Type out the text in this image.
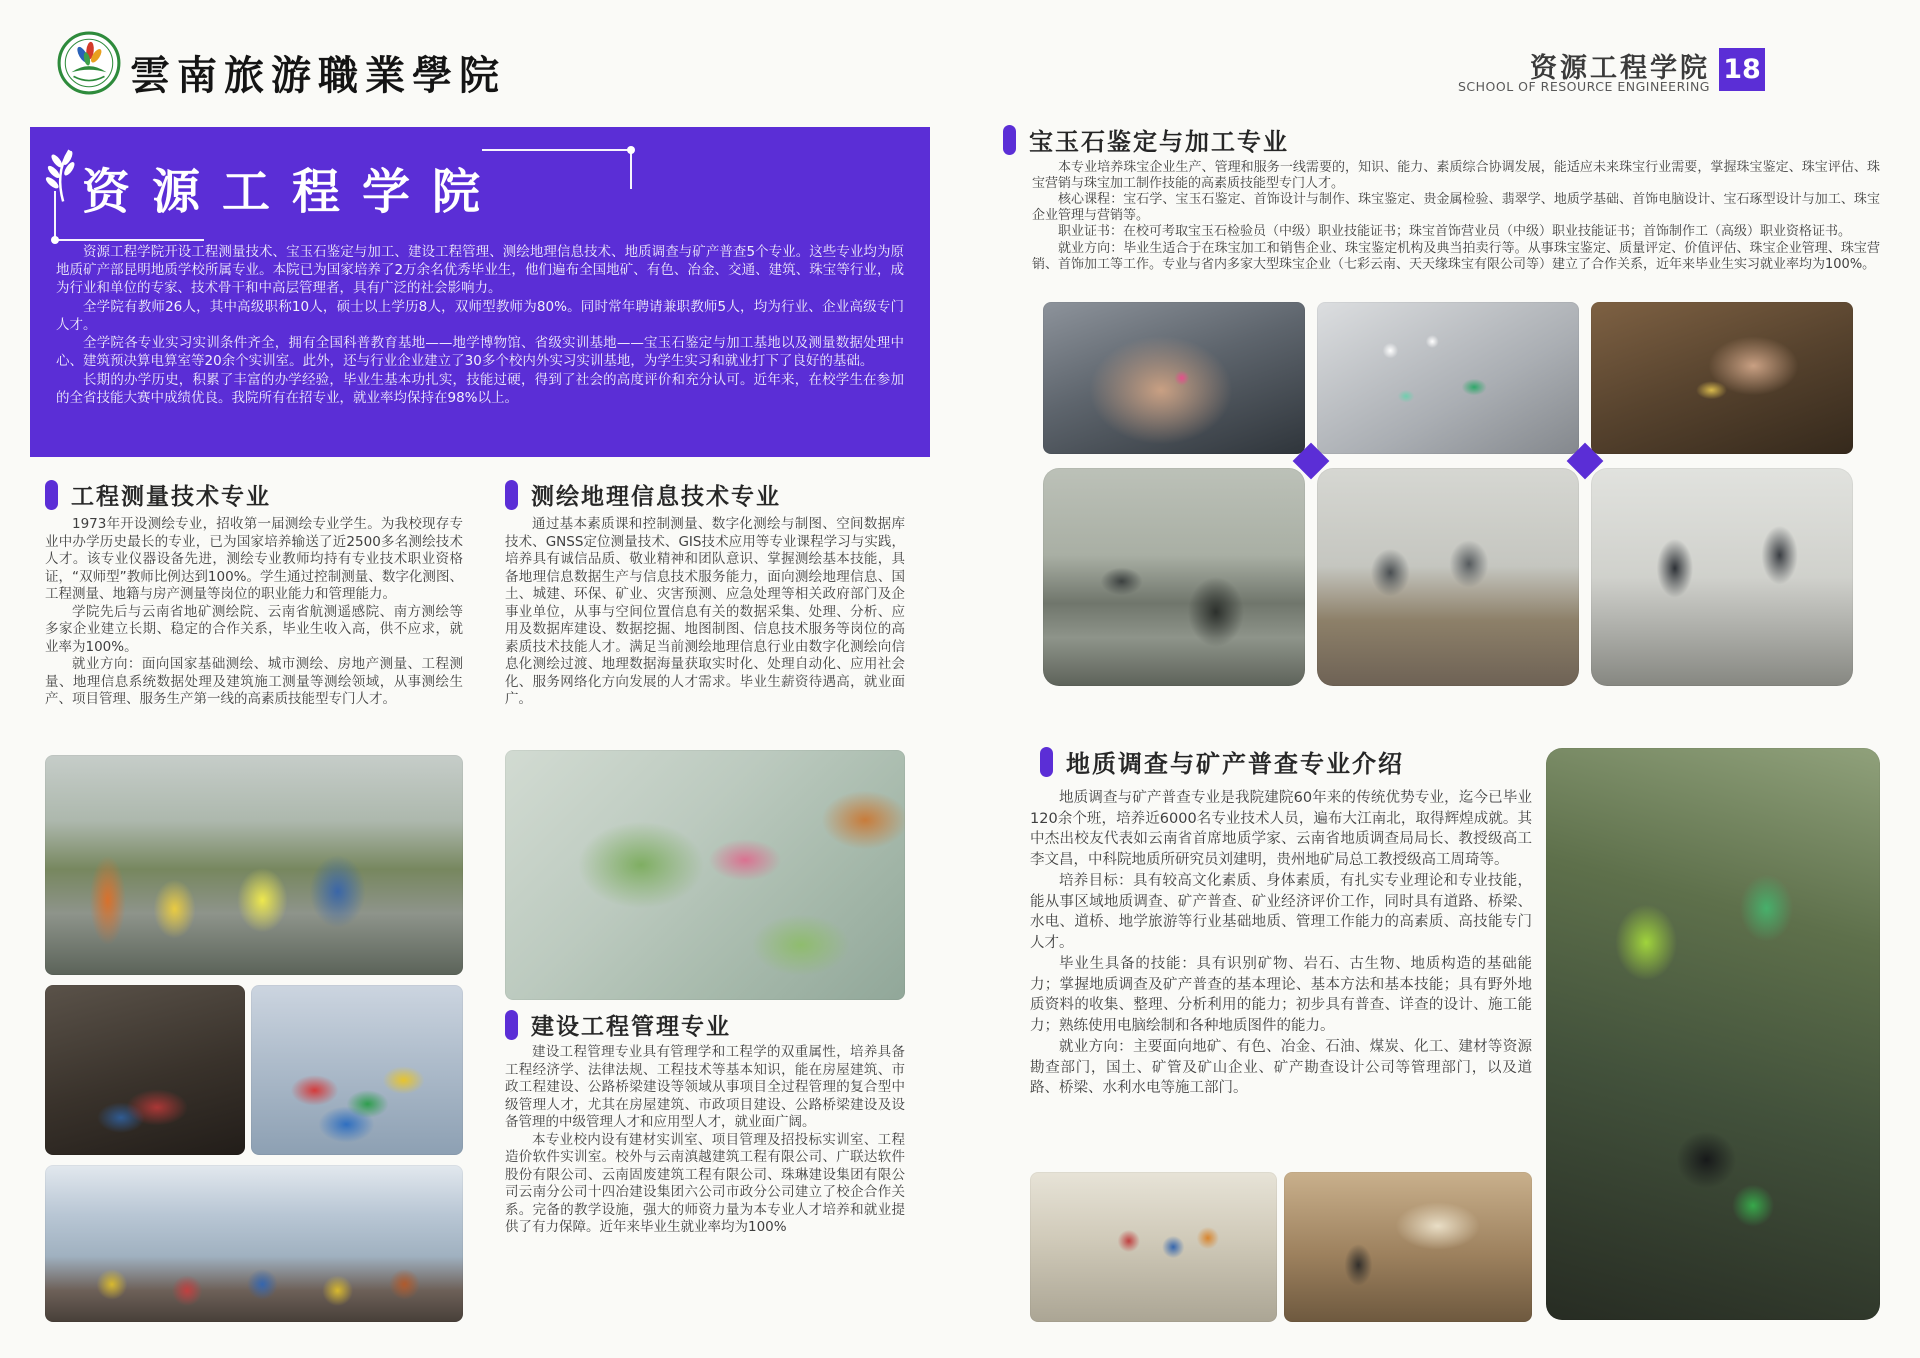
雲南旅游職業學院	资源工程学院
SCHOOL OF RESOURCE ENGINEERING
18
资源工程学院

资源工程学院开设工程测量技术、宝玉石鉴定与加工、建设工程管理、测绘地理信息技术、地质调查与矿产普查5个专业。这些专业均为原地质矿产部昆明地质学校所属专业。本院已为国家培养了2万余名优秀毕业生，他们遍布全国地矿、有色、冶金、交通、建筑、珠宝等行业，成为行业和单位的专家、技术骨干和中高层管理者，具有广泛的社会影响力。

全学院有教师26人，其中高级职称10人，硕士以上学历8人，双师型教师为80%。同时常年聘请兼职教师5人，均为行业、企业高级专门人才。

全学院各专业实习实训条件齐全，拥有全国科普教育基地——地学博物馆、省级实训基地——宝玉石鉴定与加工基地以及测量数据处理中心、建筑预决算电算室等20余个实训室。此外，还与行业企业建立了30多个校内外实习实训基地，为学生实习和就业打下了良好的基础。

长期的办学历史，积累了丰富的办学经验，毕业生基本功扎实，技能过硬，得到了社会的高度评价和充分认可。近年来，在校学生在参加的全省技能大赛中成绩优良。我院所有在招专业，就业率均保持在98%以上。

工程测量技术专业

1973年开设测绘专业，招收第一届测绘专业学生。为我校现存专业中办学历史最长的专业，已为国家培养输送了近2500多名测绘技术人才。该专业仪器设备先进，测绘专业教师均持有专业技术职业资格证，“双师型”教师比例达到100%。学生通过控制测量、数字化测图、工程测量、地籍与房产测量等岗位的职业能力和管理能力。

学院先后与云南省地矿测绘院、云南省航测遥感院、南方测绘等多家企业建立长期、稳定的合作关系，毕业生收入高，供不应求，就业率为100%。

就业方向：面向国家基础测绘、城市测绘、房地产测量、工程测量、地理信息系统数据处理及建筑施工测量等测绘领域，从事测绘生产、项目管理、服务生产第一线的高素质技能型专门人才。

测绘地理信息技术专业

通过基本素质课和控制测量、数字化测绘与制图、空间数据库技术、GNSS定位测量技术、GIS技术应用等专业课程学习与实践，培养具有诚信品质、敬业精神和团队意识、掌握测绘基本技能，具备地理信息数据生产与信息技术服务能力，面向测绘地理信息、国土、城建、环保、矿业、灾害预测、应急处理等相关政府部门及企事业单位，从事与空间位置信息有关的数据采集、处理、分析、应用及数据库建设、数据挖掘、地图制图、信息技术服务等岗位的高素质技术技能人才。满足当前测绘地理信息行业由数字化测绘向信息化测绘过渡、地理数据海量获取实时化、处理自动化、应用社会化、服务网络化方向发展的人才需求。毕业生薪资待遇高，就业面广。

建设工程管理专业

建设工程管理专业具有管理学和工程学的双重属性，培养具备工程经济学、法律法规、工程技术等基本知识，能在房屋建筑、市政工程建设、公路桥梁建设等领域从事项目全过程管理的复合型中级管理人才，尤其在房屋建筑、市政项目建设、公路桥梁建设及设备管理的中级管理人才和应用型人才，就业面广阔。

本专业校内设有建材实训室、项目管理及招投标实训室、工程造价软件实训室。校外与云南滇越建筑工程有限公司、广联达软件股份有限公司、云南固废建筑工程有限公司、珠琳建设集团有限公司云南分公司十四冶建设集团六公司市政分公司建立了校企合作关系。完备的教学设施，强大的师资力量为本专业人才培养和就业提供了有力保障。近年来毕业生就业率均为100%

宝玉石鉴定与加工专业

本专业培养珠宝企业生产、管理和服务一线需要的，知识、能力、素质综合协调发展，能适应未来珠宝行业需要，掌握珠宝鉴定、珠宝评估、珠宝营销与珠宝加工制作技能的高素质技能型专门人才。

核心课程：宝石学、宝玉石鉴定、首饰设计与制作、珠宝鉴定、贵金属检验、翡翠学、地质学基础、首饰电脑设计、宝石琢型设计与加工、珠宝企业管理与营销等。

职业证书：在校可考取宝玉石检验员（中级）职业技能证书；珠宝首饰营业员（中级）职业技能证书；首饰制作工（高级）职业资格证书。

就业方向：毕业生适合于在珠宝加工和销售企业、珠宝鉴定机构及典当拍卖行等。从事珠宝鉴定、质量评定、价值评估、珠宝企业管理、珠宝营销、首饰加工等工作。专业与省内多家大型珠宝企业（七彩云南、天天缘珠宝有限公司等）建立了合作关系，近年来毕业生实习就业率均为100%。

地质调查与矿产普查专业介绍

地质调查与矿产普查专业是我院建院60年来的传统优势专业，迄今已毕业120余个班，培养近6000名专业技术人员，遍布大江南北，取得辉煌成就。其中杰出校友代表如云南省首席地质学家、云南省地质调查局局长、教授级高工李文昌，中科院地质所研究员刘建明，贵州地矿局总工教授级高工周琦等。

培养目标：具有较高文化素质、身体素质，有扎实专业理论和专业技能，能从事区域地质调查、矿产普查、矿业经济评价工作，同时具有道路、桥梁、水电、道桥、地学旅游等行业基础地质、管理工作能力的高素质、高技能专门人才。

毕业生具备的技能：具有识别矿物、岩石、古生物、地质构造的基础能力；掌握地质调查及矿产普查的基本理论、基本方法和基本技能；具有野外地质资料的收集、整理、分析利用的能力；初步具有普查、详查的设计、施工能力；熟练使用电脑绘制和各种地质图件的能力。

就业方向：主要面向地矿、有色、冶金、石油、煤炭、化工、建材等资源勘查部门，国土、矿管及矿山企业、矿产勘查设计公司等管理部门，以及道路、桥梁、水利水电等施工部门。
